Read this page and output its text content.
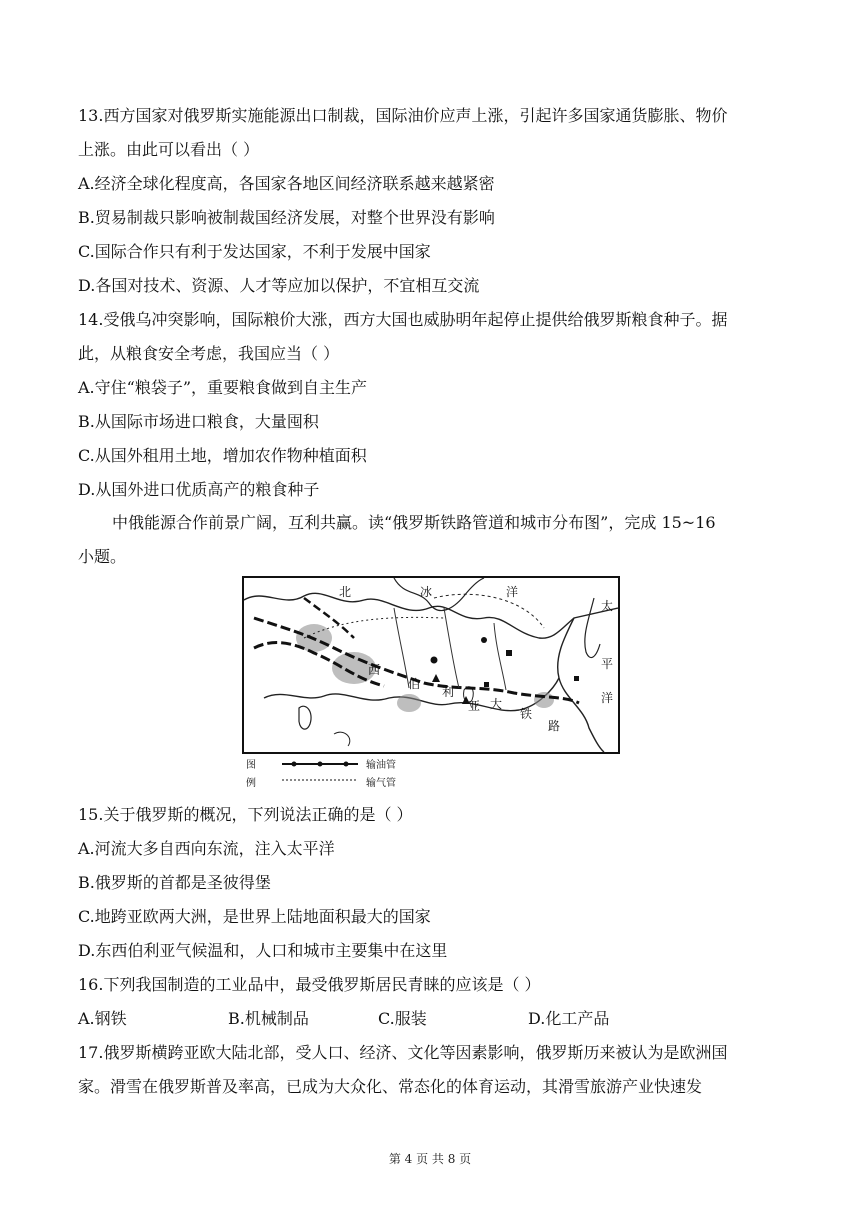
13.西方国家对俄罗斯实施能源出口制裁，国际油价应声上涨，引起许多国家通货膨胀、物价
上涨。由此可以看出（ ）
A.经济全球化程度高，各国家各地区间经济联系越来越紧密
B.贸易制裁只影响被制裁国经济发展，对整个世界没有影响
C.国际合作只有利于发达国家，不利于发展中国家
D.各国对技术、资源、人才等应加以保护，不宜相互交流
14.受俄乌冲突影响，国际粮价大涨，西方大国也威胁明年起停止提供给俄罗斯粮食种子。据
此，从粮食安全考虑，我国应当（ ）
A.守住“粮袋子”，重要粮食做到自主生产
B.从国际市场进口粮食，大量囤积
C.从国外租用土地，增加农作物种植面积
D.从国外进口优质高产的粮食种子
中俄能源合作前景广阔，互利共赢。读“俄罗斯铁路管道和城市分布图”，完成 15~16
小题。
北	冰	洋
太
平
洋
西
伯
利
亚 大
铁
路
图
例
输油管
输气管
15.关于俄罗斯的概况，下列说法正确的是（ ）
A.河流大多自西向东流，注入太平洋
B.俄罗斯的首都是圣彼得堡
C.地跨亚欧两大洲，是世界上陆地面积最大的国家
D.东西伯利亚气候温和，人口和城市主要集中在这里
16.下列我国制造的工业品中，最受俄罗斯居民青睐的应该是（ ）
A.钢铁	B.机械制品	C.服装	D.化工产品
17.俄罗斯横跨亚欧大陆北部，受人口、经济、文化等因素影响，俄罗斯历来被认为是欧洲国
家。滑雪在俄罗斯普及率高，已成为大众化、常态化的体育运动，其滑雪旅游产业快速发
第 4 页 共 8 页
